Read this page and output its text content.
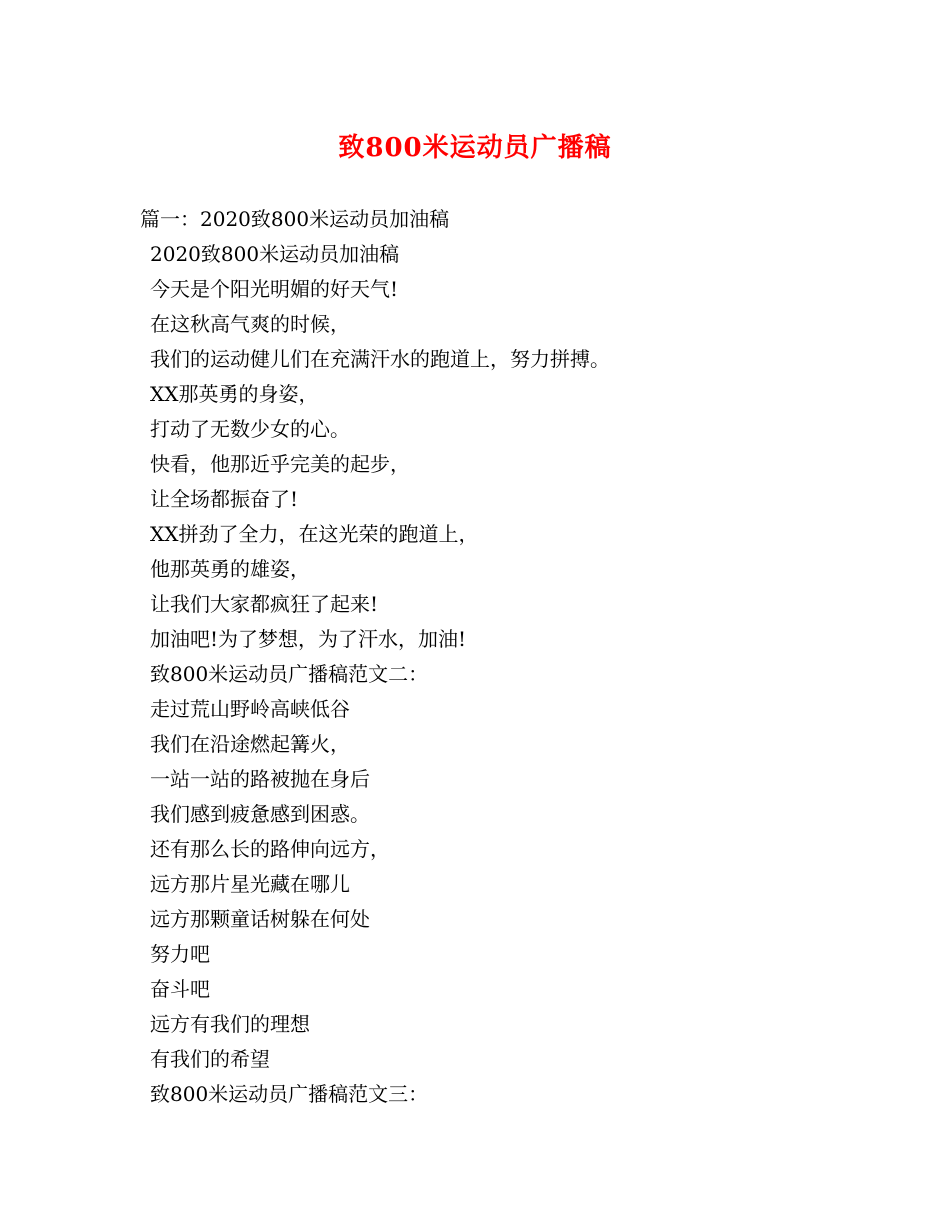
致800米运动员广播稿
篇一：2020致800米运动员加油稿
2020致800米运动员加油稿
今天是个阳光明媚的好天气!
在这秋高气爽的时候，
我们的运动健儿们在充满汗水的跑道上，努力拼搏。
XX那英勇的身姿，
打动了无数少女的心。
快看，他那近乎完美的起步，
让全场都振奋了!
XX拼劲了全力，在这光荣的跑道上，
他那英勇的雄姿，
让我们大家都疯狂了起来!
加油吧!为了梦想，为了汗水，加油!
致800米运动员广播稿范文二：
走过荒山野岭高峡低谷
我们在沿途燃起篝火，
一站一站的路被抛在身后
我们感到疲惫感到困惑。
还有那么长的路伸向远方，
远方那片星光藏在哪儿
远方那颗童话树躲在何处
努力吧
奋斗吧
远方有我们的理想
有我们的希望
致800米运动员广播稿范文三：
